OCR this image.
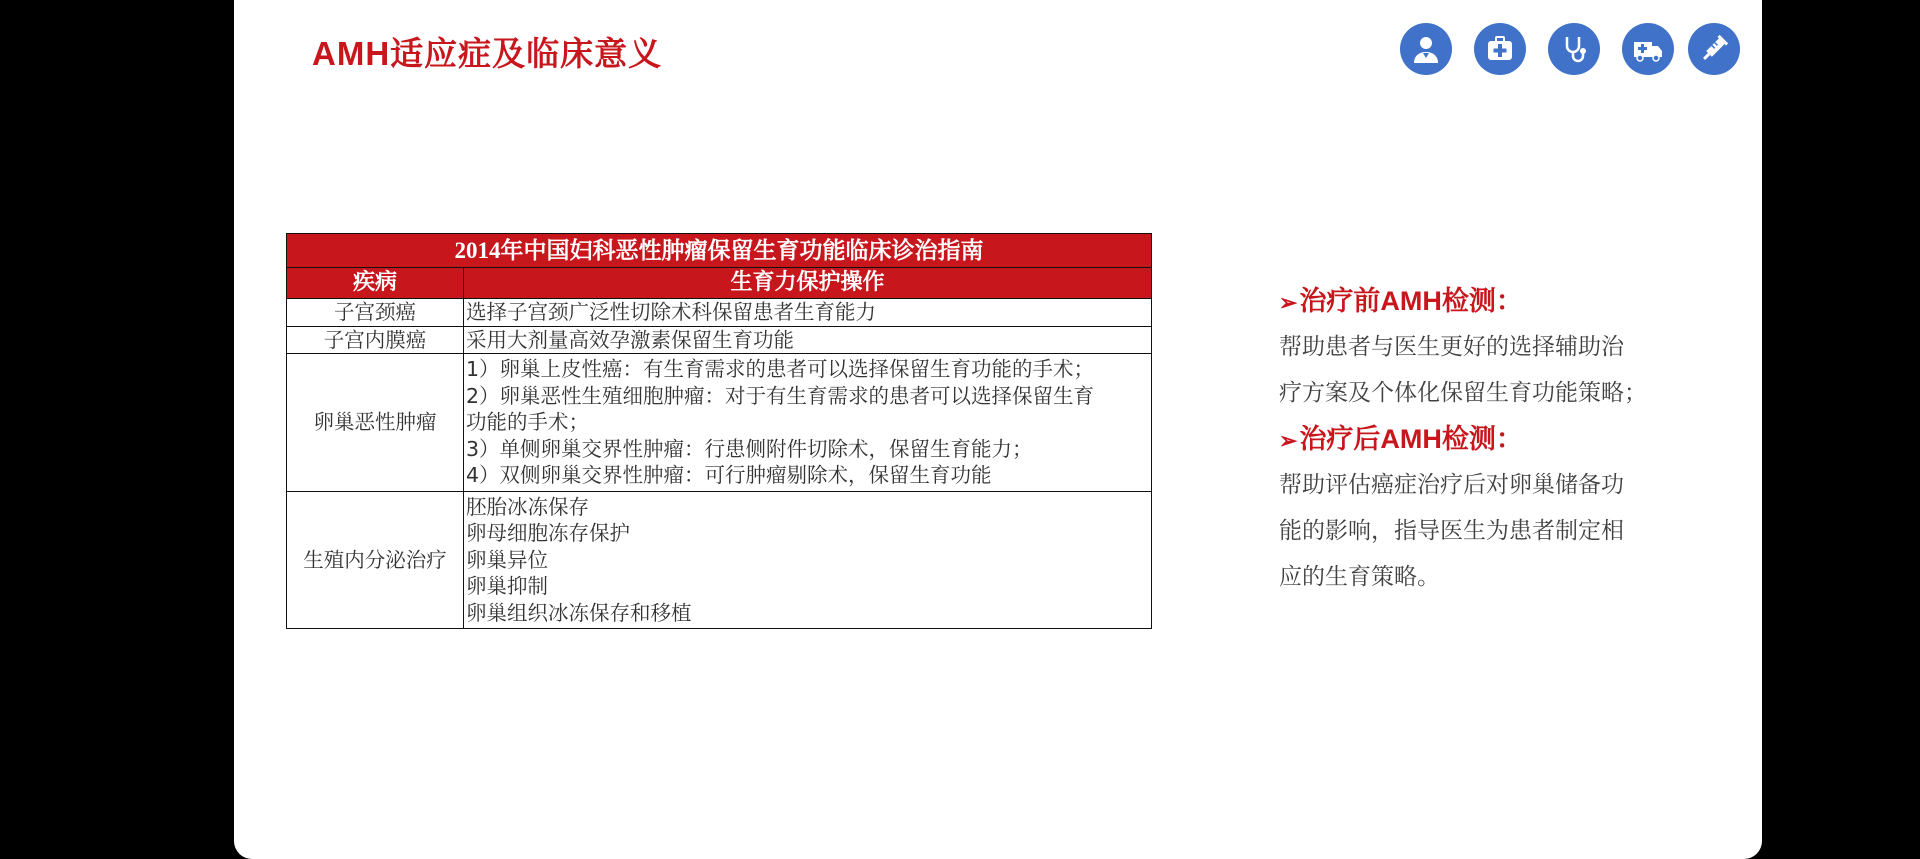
AMH适应症及临床意义
2014年中国妇科恶性肿瘤保留生育功能临床诊治指南	
疾病	生育力保护操作
子宫颈癌	选择子宫颈广泛性切除术科保留患者生育能力

子宫内膜癌	采用大剂量高效孕激素保留生育功能

卵巢恶性肿瘤	1）卵巢上皮性癌：有生育需求的患者可以选择保留生育功能的手术；
2）卵巢恶性生殖细胞肿瘤：对于有生育需求的患者可以选择保留生育
功能的手术；
3）单侧卵巢交界性肿瘤：行患侧附件切除术，保留生育能力；
4）双侧卵巢交界性肿瘤：可行肿瘤剔除术，保留生育功能

生殖内分泌治疗	胚胎冰冻保存
卵母细胞冻存保护
卵巢异位
卵巢抑制
卵巢组织冰冻保存和移植
➢治疗前AMH检测：
帮助患者与医生更好的选择辅助治
疗方案及个体化保留生育功能策略；
➢治疗后AMH检测：
帮助评估癌症治疗后对卵巢储备功
能的影响，指导医生为患者制定相
应的生育策略。
